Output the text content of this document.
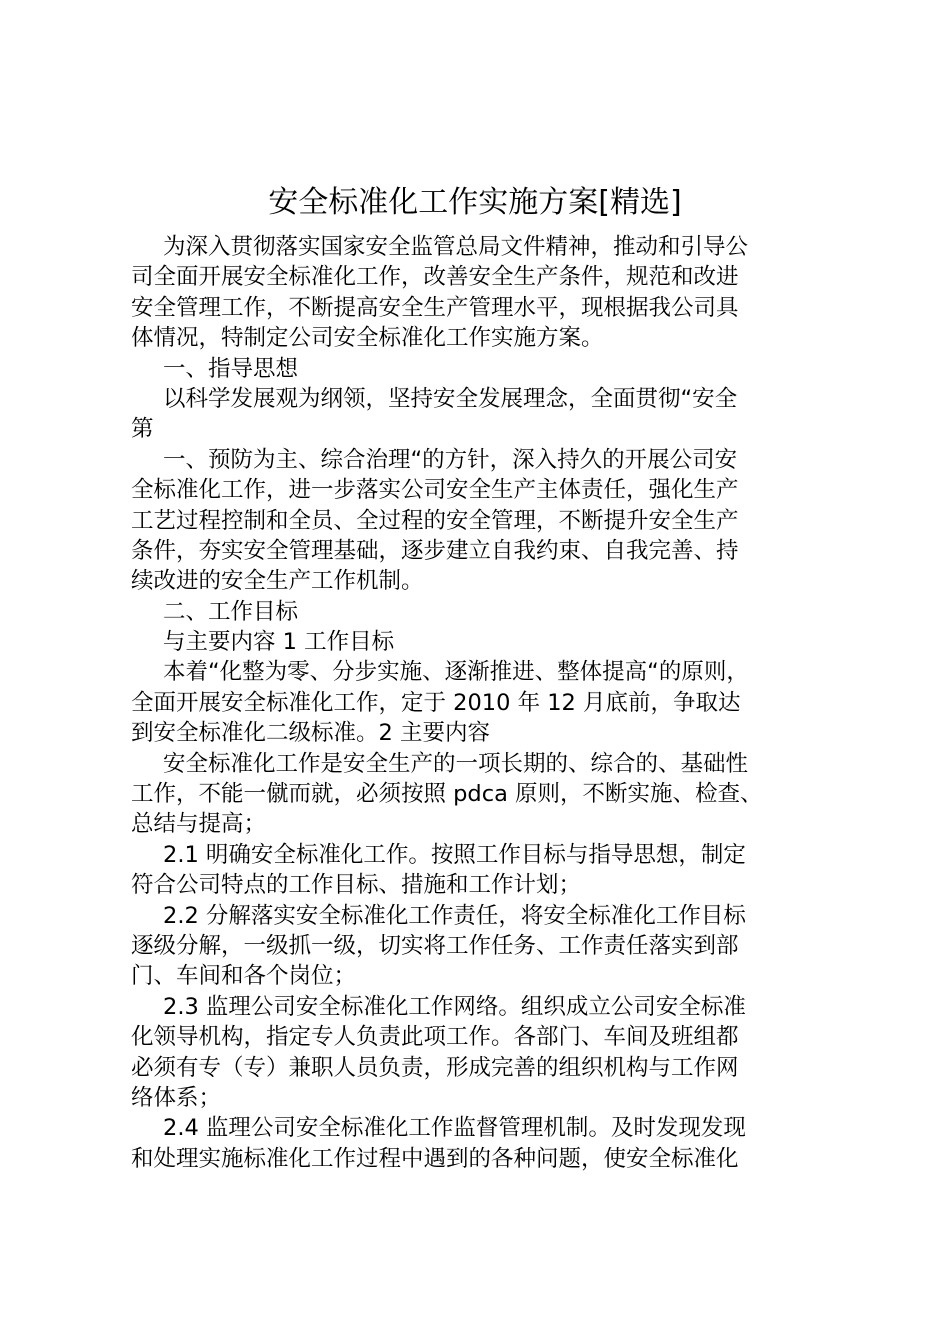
安全标准化工作实施方案[精选]
为深入贯彻落实国家安全监管总局文件精神，推动和引导公
司全面开展安全标准化工作，改善安全生产条件，规范和改进
安全管理工作，不断提高安全生产管理水平，现根据我公司具
体情况，特制定公司安全标准化工作实施方案。
一、指导思想
以科学发展观为纲领，坚持安全发展理念，全面贯彻“安全
第
一、预防为主、综合治理“的方针，深入持久的开展公司安
全标准化工作，进一步落实公司安全生产主体责任，强化生产
工艺过程控制和全员、全过程的安全管理，不断提升安全生产
条件，夯实安全管理基础，逐步建立自我约束、自我完善、持
续改进的安全生产工作机制。
二、工作目标
与主要内容 1 工作目标
本着“化整为零、分步实施、逐渐推进、整体提高“的原则，
全面开展安全标准化工作，定于 2010 年 12 月底前，争取达
到安全标准化二级标准。2 主要内容
安全标准化工作是安全生产的一项长期的、综合的、基础性
工作，不能一僦而就，必须按照 pdca 原则，不断实施、检查、
总结与提高；
2.1 明确安全标准化工作。按照工作目标与指导思想，制定
符合公司特点的工作目标、措施和工作计划；
2.2 分解落实安全标准化工作责任，将安全标准化工作目标
逐级分解，一级抓一级，切实将工作任务、工作责任落实到部
门、车间和各个岗位；
2.3 监理公司安全标准化工作网络。组织成立公司安全标准
化领导机构，指定专人负责此项工作。各部门、车间及班组都
必须有专（专）兼职人员负责，形成完善的组织机构与工作网
络体系；
2.4 监理公司安全标准化工作监督管理机制。及时发现发现
和处理实施标准化工作过程中遇到的各种问题，使安全标准化
